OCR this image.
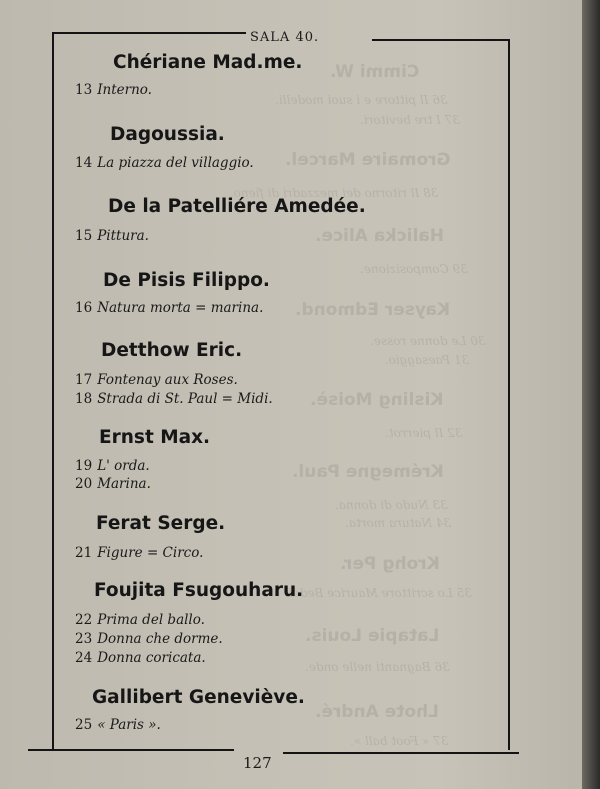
Cimmi W.
36 Il pittore e i suoi modelli.
37 I tre bevitori.
Gromaire Marcel.
38 Il ritorno dei mezzadri di fieno.
Halicka Alice.
39 Composizione.
Kayser Edmond.
30 Le donne rosse.
31 Paesaggio.
Kisling Moisè.
32 Il pierrot.
Krémegne Paul.
33 Nudo di donna.
34 Natura morta.
Krohg Per.
35 Lo scrittore Maurice Bedel.
Latapie Louis.
36 Bagnanti nelle onde.
Lhote André.
37 « Foot ball ».
SALA 40.
Chériane Mad.me.

13 Interno.

Dagoussia.

14 La piazza del villaggio.

De la Patelliére Amedée.

15 Pittura.

De Pisis Filippo.

16 Natura morta = marina.

Detthow Eric.

17 Fontenay aux Roses.

18 Strada di St. Paul = Midi.

Ernst Max.

19 L' orda.

20 Marina.

Ferat Serge.

21 Figure = Circo.

Foujita Fsugouharu.

22 Prima del ballo.

23 Donna che dorme.

24 Donna coricata.

Gallibert Geneviève.

25 « Paris ».

127
